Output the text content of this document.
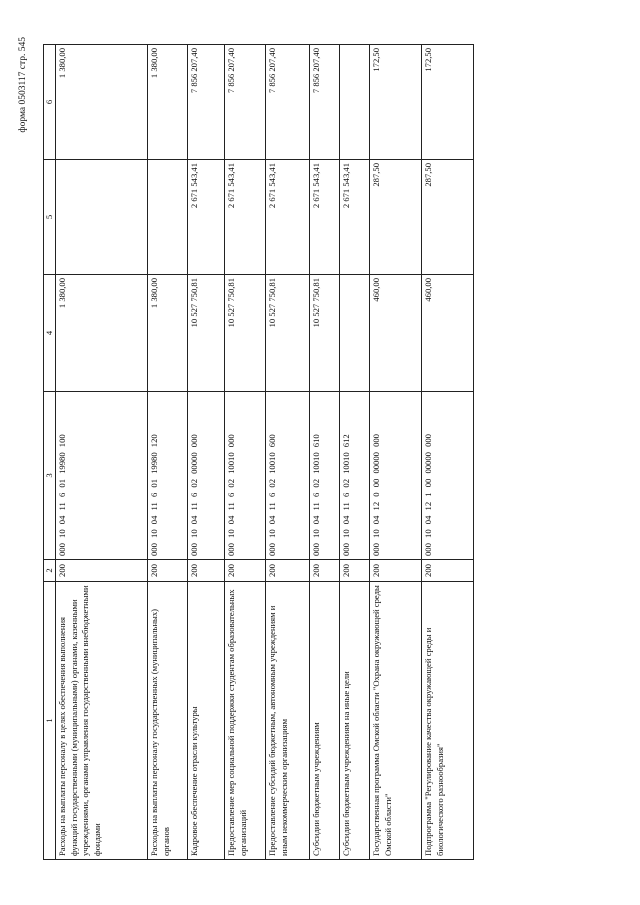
форма 0503117 стр. 545
1	2	3	4	5	6
Расходы на выплаты персоналу в целях обеспечения выполнения функций государственными (муниципальными) органами, казенными учреждениями, органами управления государственными внебюджетными фондами	200	000 10 04 11 6 01 19980 100	1 380,00		1 380,00
Расходы на выплаты персоналу государственных (муниципальных) органов	200	000 10 04 11 6 01 19980 120	1 380,00		1 380,00
Кадровое обеспечение отрасли культуры	200	000 10 04 11 6 02 00000 000	10 527 750,81	2 671 543,41	7 856 207,40
Предоставление мер социальной поддержки студентам образовательных организаций	200	000 10 04 11 6 02 10010 000	10 527 750,81	2 671 543,41	7 856 207,40
Предоставление субсидий бюджетным, автономным учреждениям и иным некоммерческим организациям	200	000 10 04 11 6 02 10010 600	10 527 750,81	2 671 543,41	7 856 207,40
Субсидии бюджетным учреждениям	200	000 10 04 11 6 02 10010 610	10 527 750,81	2 671 543,41	7 856 207,40
Субсидии бюджетным учреждениям на иные цели	200	000 10 04 11 6 02 10010 612		2 671 543,41	
Государственная программа Омской области "Охрана окружающей среды Омской области"	200	000 10 04 12 0 00 00000 000	460,00	287,50	172,50
Подпрограмма "Регулирование качества окружающей среды и биологического разнообразия"	200	000 10 04 12 1 00 00000 000	460,00	287,50	172,50
